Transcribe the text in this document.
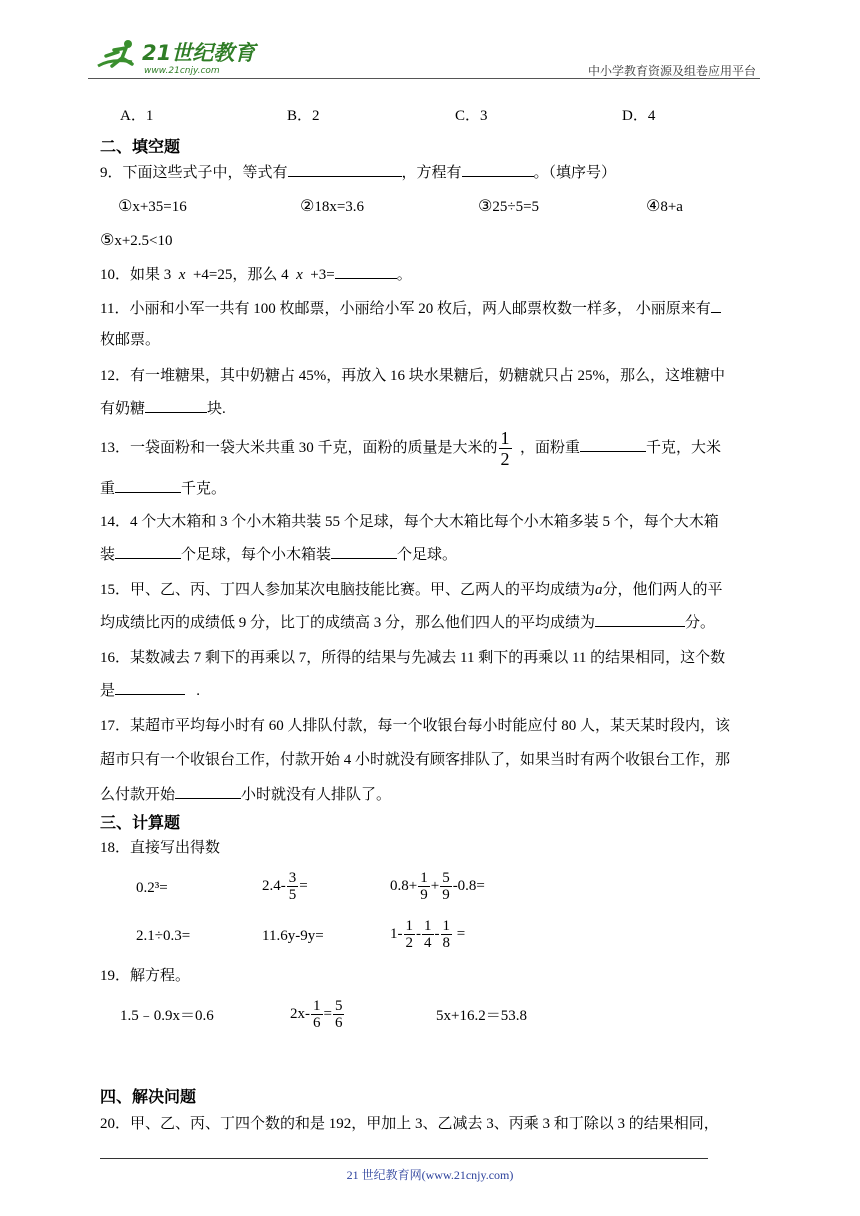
21世纪教育
www.21cnjy.com	中小学教育资源及组卷应用平台
A．1	B．2	C．3	D．4
二、填空题
9．下面这些式子中，等式有	，方程有	。（填序号）
①x+35=16	②18x=3.6	③25÷5=5	④8+a
⑤x+2.5<10
10．如果 3 x +4=25，那么 4 x +3=	。
11．小丽和小军一共有 100 枚邮票，小丽给小军 20 枚后，两人邮票枚数一样多， 小丽原来有
枚邮票。
12．有一堆糖果，其中奶糖占 45%，再放入 16 块水果糖后，奶糖就只占 25%，那么，这堆糖中
有奶糖	块.
13．一袋面粉和一袋大米共重 30 千克，面粉的质量是大米的 $\frac{1}{2}$ ，面粉重	千克，大米
重	千克。
14．4 个大木箱和 3 个小木箱共装 55 个足球，每个大木箱比每个小木箱多装 5 个，每个大木箱
装	个足球，每个小木箱装	个足球。
15．甲、乙、丙、丁四人参加某次电脑技能比赛。甲、乙两人的平均成绩为a分，他们两人的平
均成绩比丙的成绩低 9 分，比丁的成绩高 3 分，那么他们四人的平均成绩为	分。
16．某数减去 7 剩下的再乘以 7，所得的结果与先减去 11 剩下的再乘以 11 的结果相同，这个数
是	.
17．某超市平均每小时有 60 人排队付款，每一个收银台每小时能应付 80 人，某天某时段内，该
超市只有一个收银台工作，付款开始 4 小时就没有顾客排队了，如果当时有两个收银台工作，那
么付款开始	小时就没有人排队了。
三、计算题
18．直接写出得数
0.2³=	$2.4- \frac{3}{5}$ =	$0.8+ \frac{1}{9} + \frac{5}{9} -0.8=$
2.1÷0.3=	11.6y-9y=	$1- \frac{1}{2} - \frac{1}{4} - \frac{1}{8}$ =
19．解方程。
1.5﹣0.9x＝0.6	$2x- \frac{1}{6} = \frac{5}{6}$	5x+16.2＝53.8
四、解决问题
20．甲、乙、丙、丁四个数的和是 192，甲加上 3、乙减去 3、丙乘 3 和丁除以 3 的结果相同，
21 世纪教育网(www.21cnjy.com)
